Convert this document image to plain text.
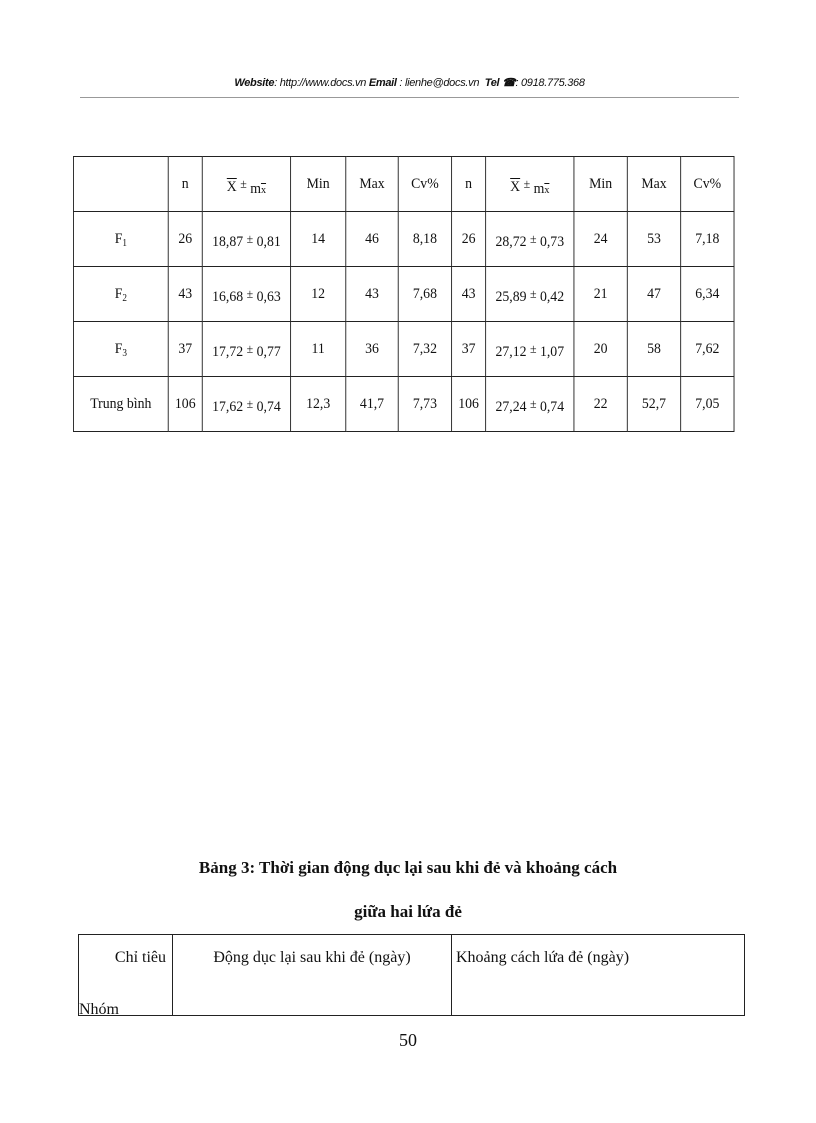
Website: http://www.docs.vn Email : lienhe@docs.vn Tel ☎: 0918.775.368
	n	$\overline{X} \pm m\overline{x}$	Min	Max	Cv%	n	$\overline{X} \pm m\overline{x}$	Min	Max	Cv%
$F_1$	26	18,87 ± 0,81	14	46	8,18	26	28,72 ± 0,73	24	53	7,18
$F_2$	43	16,68 ± 0,63	12	43	7,68	43	25,89 ± 0,42	21	47	6,34
$F_3$	37	17,72 ± 0,77	11	36	7,32	37	27,12 ± 1,07	20	58	7,62
Trung bình	106	17,62 ± 0,74	12,3	41,7	7,73	106	27,24 ± 0,74	22	52,7	7,05
Bảng 3: Thời gian động dục lại sau khi đẻ và khoảng cách
giữa hai lứa đẻ
Chỉ tiêu
Nhóm
	Động dục lại sau khi đẻ (ngày)	Khoảng cách lứa đẻ (ngày)
50
